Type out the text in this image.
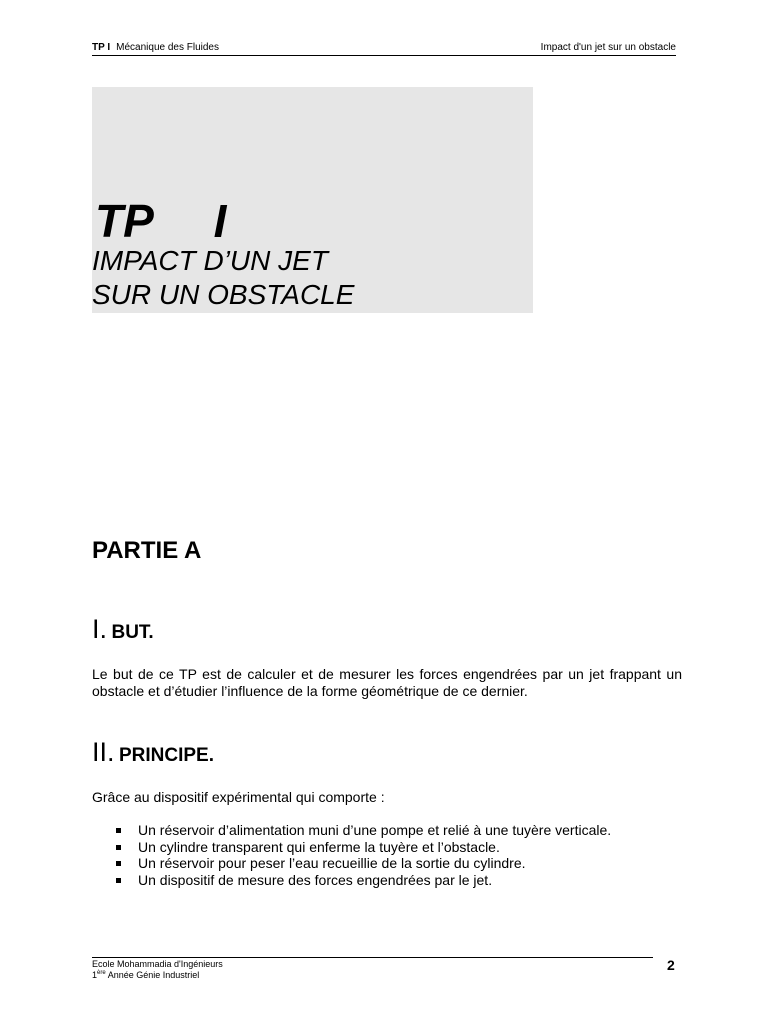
TP I Mécanique des Fluides	Impact d'un jet sur un obstacle
TP  I
IMPACT D’UN JET
SUR UN OBSTACLE
PARTIE A
I. BUT.
Le but de ce TP est de calculer et de mesurer les forces engendrées par un jet frappant un obstacle et d’étudier l’influence de la forme géométrique de ce dernier.
II. PRINCIPE.
Grâce au dispositif expérimental qui comporte :
Un réservoir d’alimentation muni d’une pompe et relié à une tuyère verticale.
Un cylindre transparent qui enferme la tuyère et l’obstacle.
Un réservoir pour peser l’eau recueillie de la sortie du cylindre.
Un dispositif de mesure des forces engendrées par le jet.
Ecole Mohammadia d'Ingénieurs
1ère Année Génie Industriel
2
